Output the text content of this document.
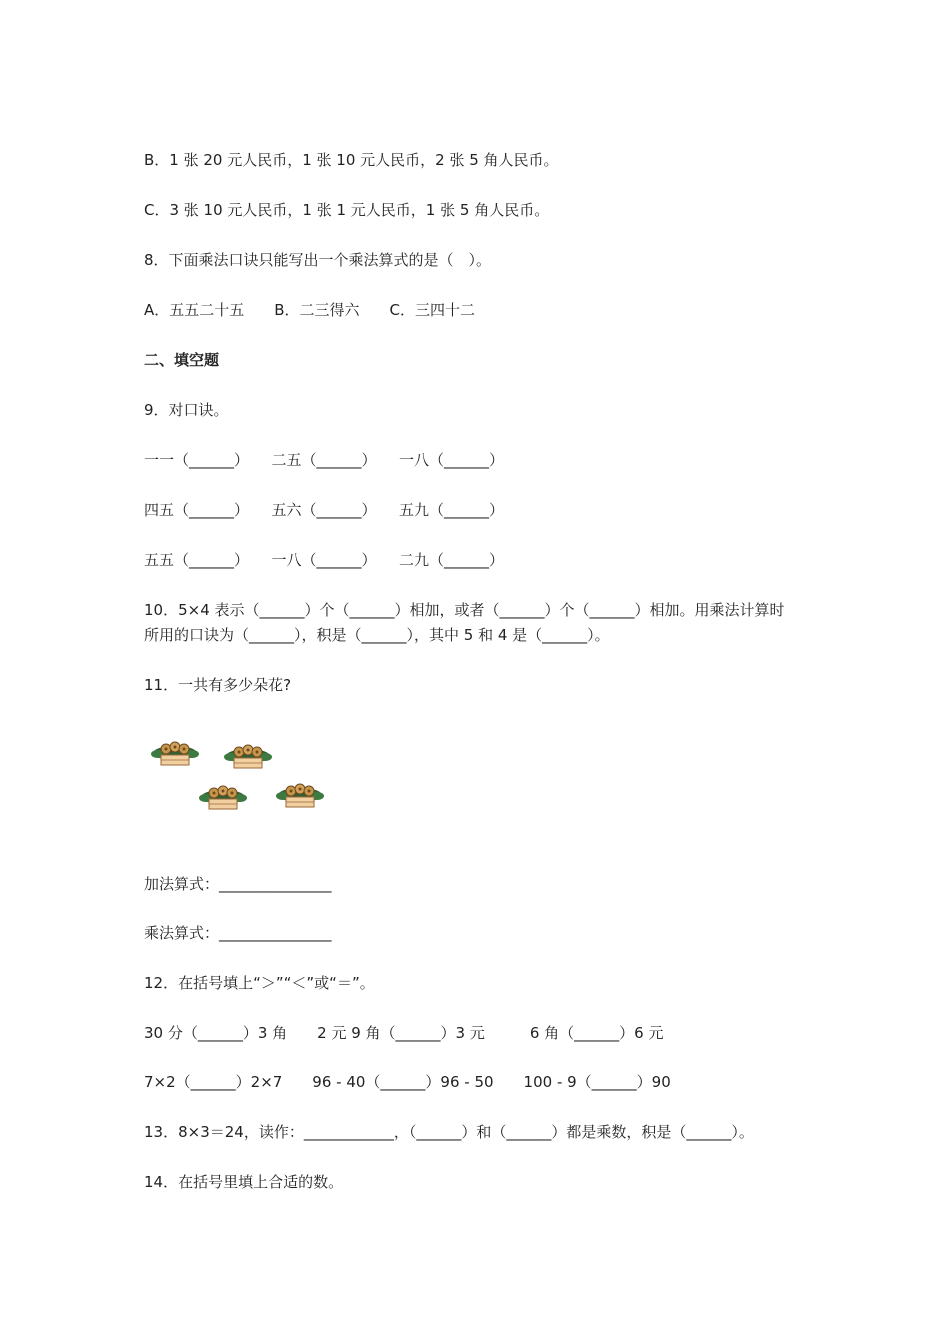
B．1 张 20 元人民币，1 张 10 元人民币，2 张 5 角人民币。
C．3 张 10 元人民币，1 张 1 元人民币，1 张 5 角人民币。
8．下面乘法口诀只能写出一个乘法算式的是（　）。
A．五五二十五　　B．二三得六　　C．三四十二
二、填空题
9．对口诀。
一一（______）　　二五（______）　　一八（______）
四五（______）　　五六（______）　　五九（______）
五五（______）　　一八（______）　　二九（______）
10．5×4 表示（______）个（______）相加，或者（______）个（______）相加。用乘法计算时
所用的口诀为（______），积是（______），其中 5 和 4 是（______）。
11．一共有多少朵花?
加法算式：_______________
乘法算式：_______________
12．在括号填上“＞”“＜”或“＝”。
30 分（______）3 角　　2 元 9 角（______）3 元　　　6 角（______）6 元
7×2（______）2×7　　96 - 40（______）96 - 50　　100 - 9（______）90
13．8×3＝24，读作：____________，（______）和（______）都是乘数，积是（______）。
14．在括号里填上合适的数。
